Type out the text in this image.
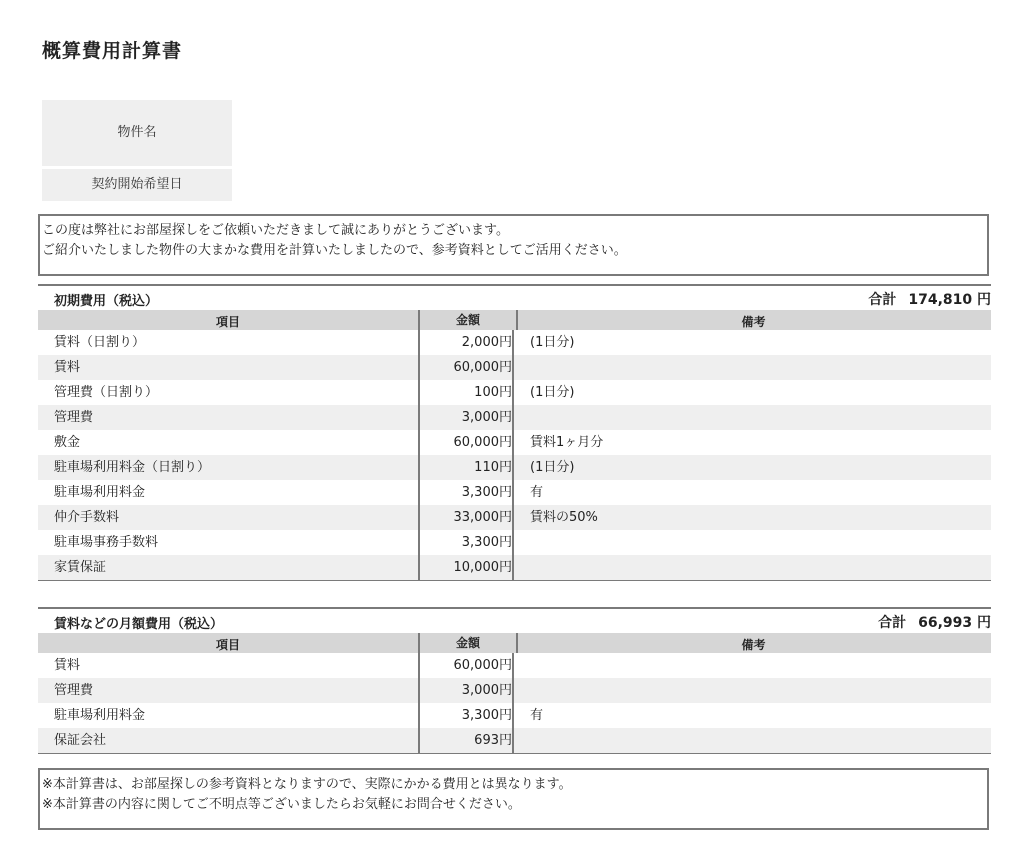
概算費用計算書
物件名
契約開始希望日
この度は弊社にお部屋探しをご依頼いただきまして誠にありがとうございます。
ご紹介いたしました物件の大まかな費用を計算いたしましたので、参考資料としてご活用ください。
初期費用（税込）	合計 174,810 円
項目	金額	備考
賃料（日割り）	2,000円 (1日分)
賃料	60,000円
管理費（日割り）	100円 (1日分)
管理費	3,000円
敷金	60,000円 賃料1ヶ月分
駐車場利用料金（日割り）	110円 (1日分)
駐車場利用料金	3,300円 有
仲介手数料	33,000円 賃料の50%
駐車場事務手数料	3,300円
家賃保証	10,000円
賃料などの月額費用（税込）	合計 66,993 円
項目	金額	備考
賃料	60,000円
管理費	3,000円
駐車場利用料金	3,300円 有
保証会社	693円
※本計算書は、お部屋探しの参考資料となりますので、実際にかかる費用とは異なります。
※本計算書の内容に関してご不明点等ございましたらお気軽にお問合せください。
